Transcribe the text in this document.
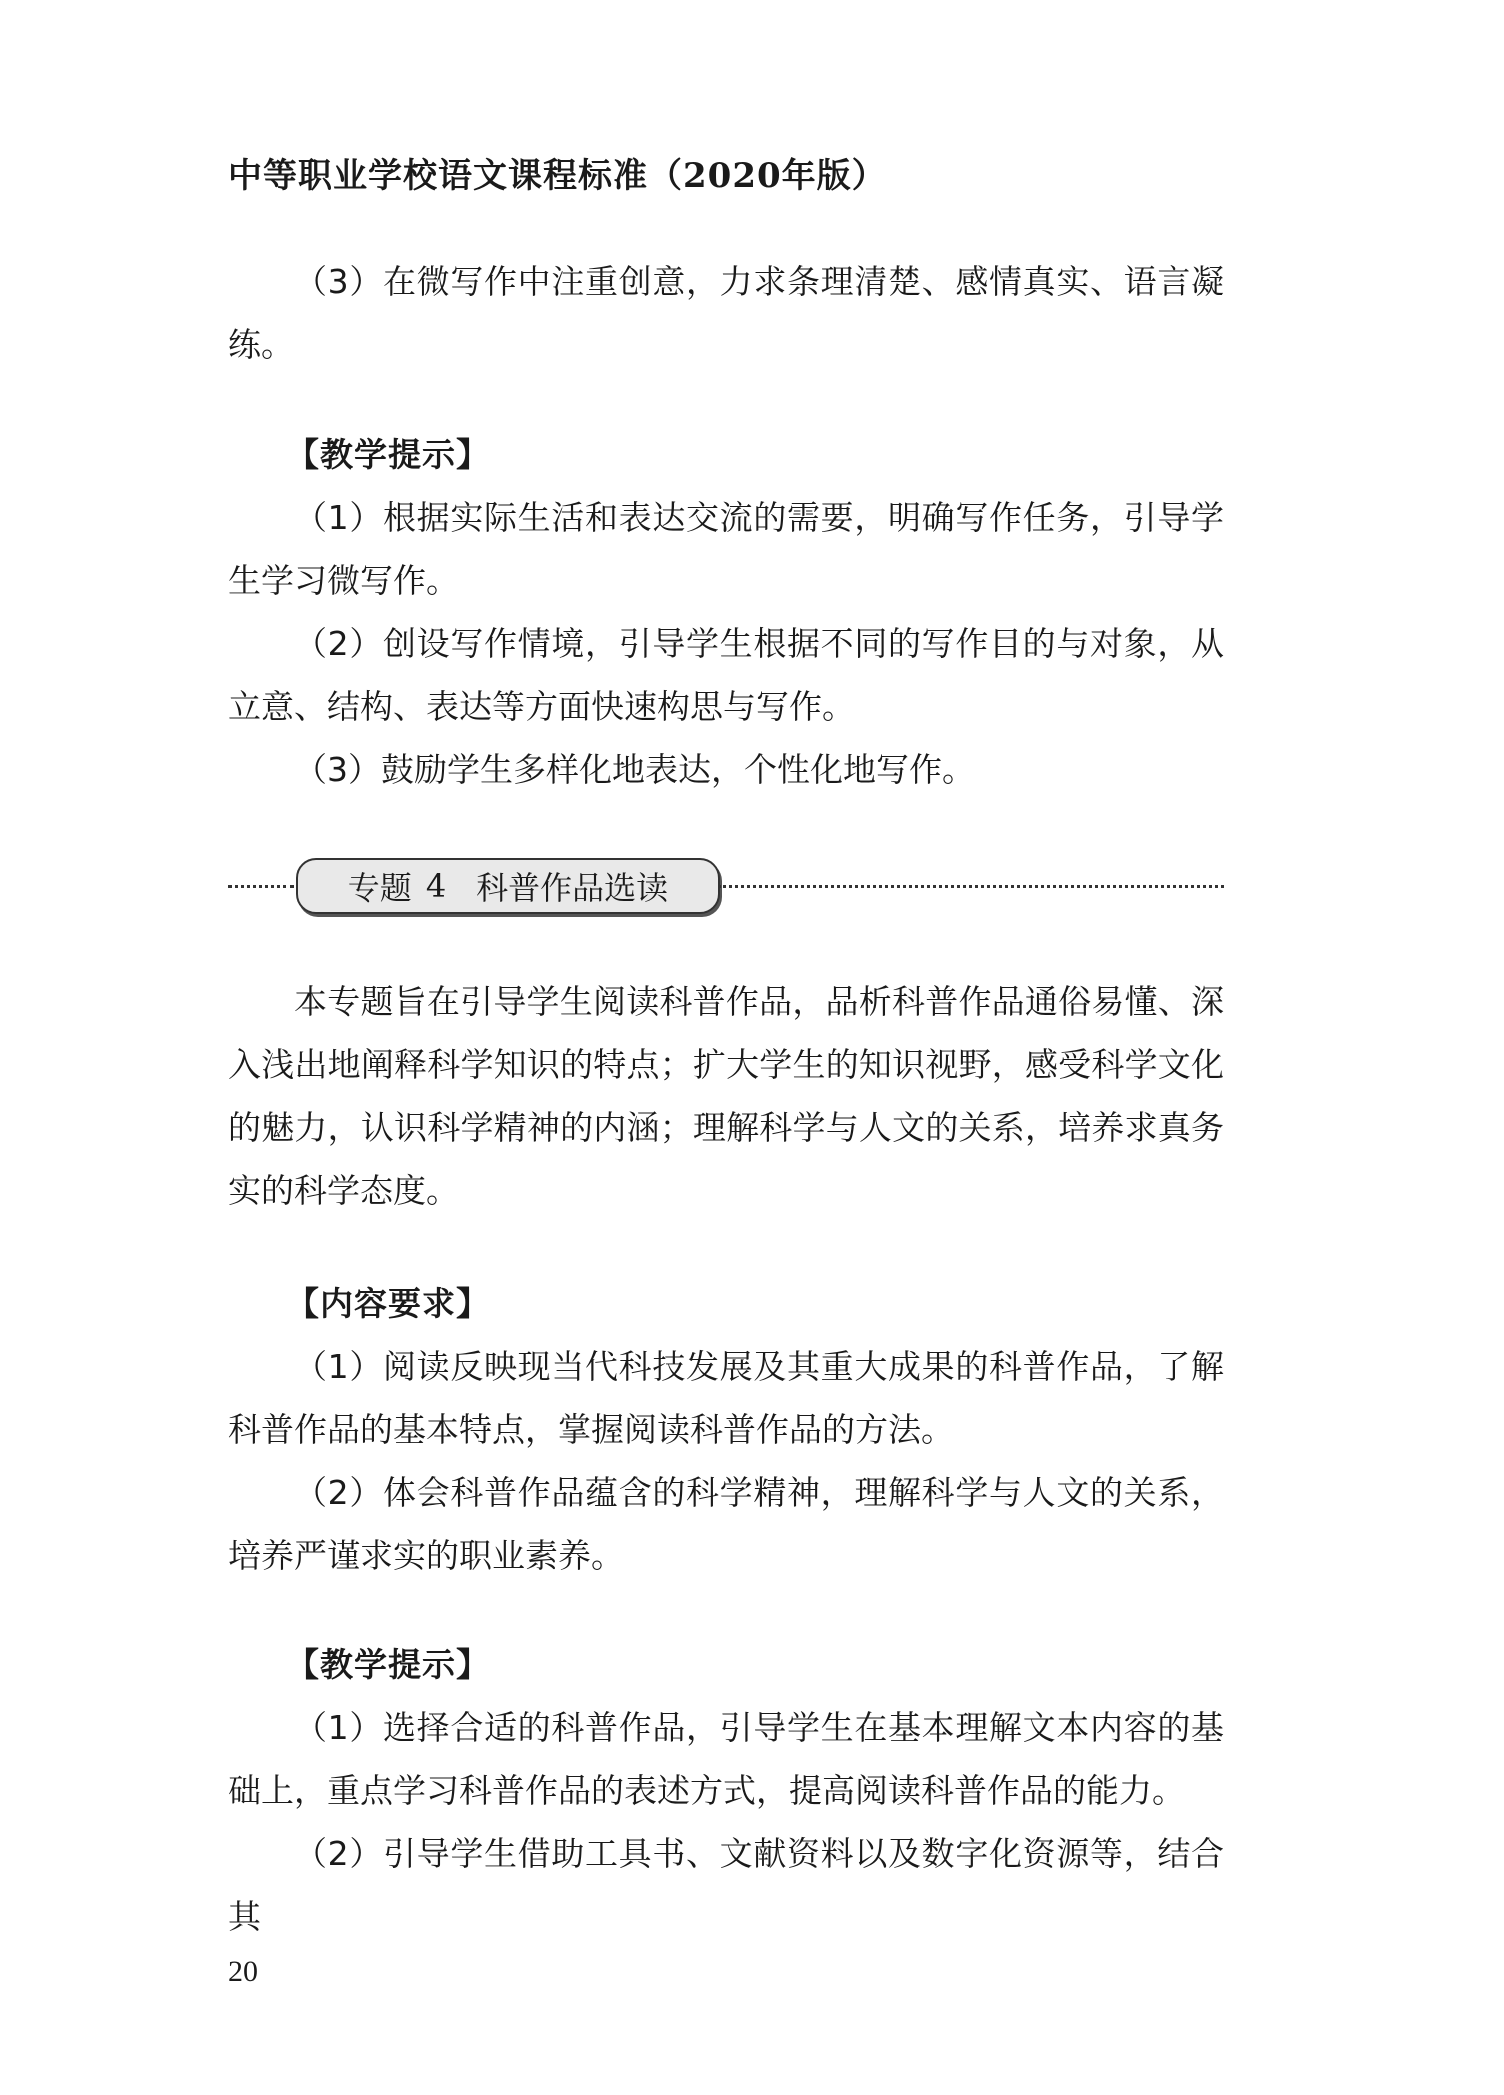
中等职业学校语文课程标准（2020年版）

（3）在微写作中注重创意，力求条理清楚、感情真实、语言凝练。

【教学提示】

（1）根据实际生活和表达交流的需要，明确写作任务，引导学生学习微写作。

（2）创设写作情境，引导学生根据不同的写作目的与对象，从立意、结构、表达等方面快速构思与写作。

（3）鼓励学生多样化地表达，个性化地写作。

专题 4 科普作品选读

本专题旨在引导学生阅读科普作品，品析科普作品通俗易懂、深入浅出地阐释科学知识的特点；扩大学生的知识视野，感受科学文化的魅力，认识科学精神的内涵；理解科学与人文的关系，培养求真务实的科学态度。

【内容要求】

（1）阅读反映现当代科技发展及其重大成果的科普作品，了解科普作品的基本特点，掌握阅读科普作品的方法。

（2）体会科普作品蕴含的科学精神，理解科学与人文的关系，培养严谨求实的职业素养。

【教学提示】

（1）选择合适的科普作品，引导学生在基本理解文本内容的基础上，重点学习科普作品的表述方式，提高阅读科普作品的能力。

（2）引导学生借助工具书、文献资料以及数字化资源等，结合其

20
